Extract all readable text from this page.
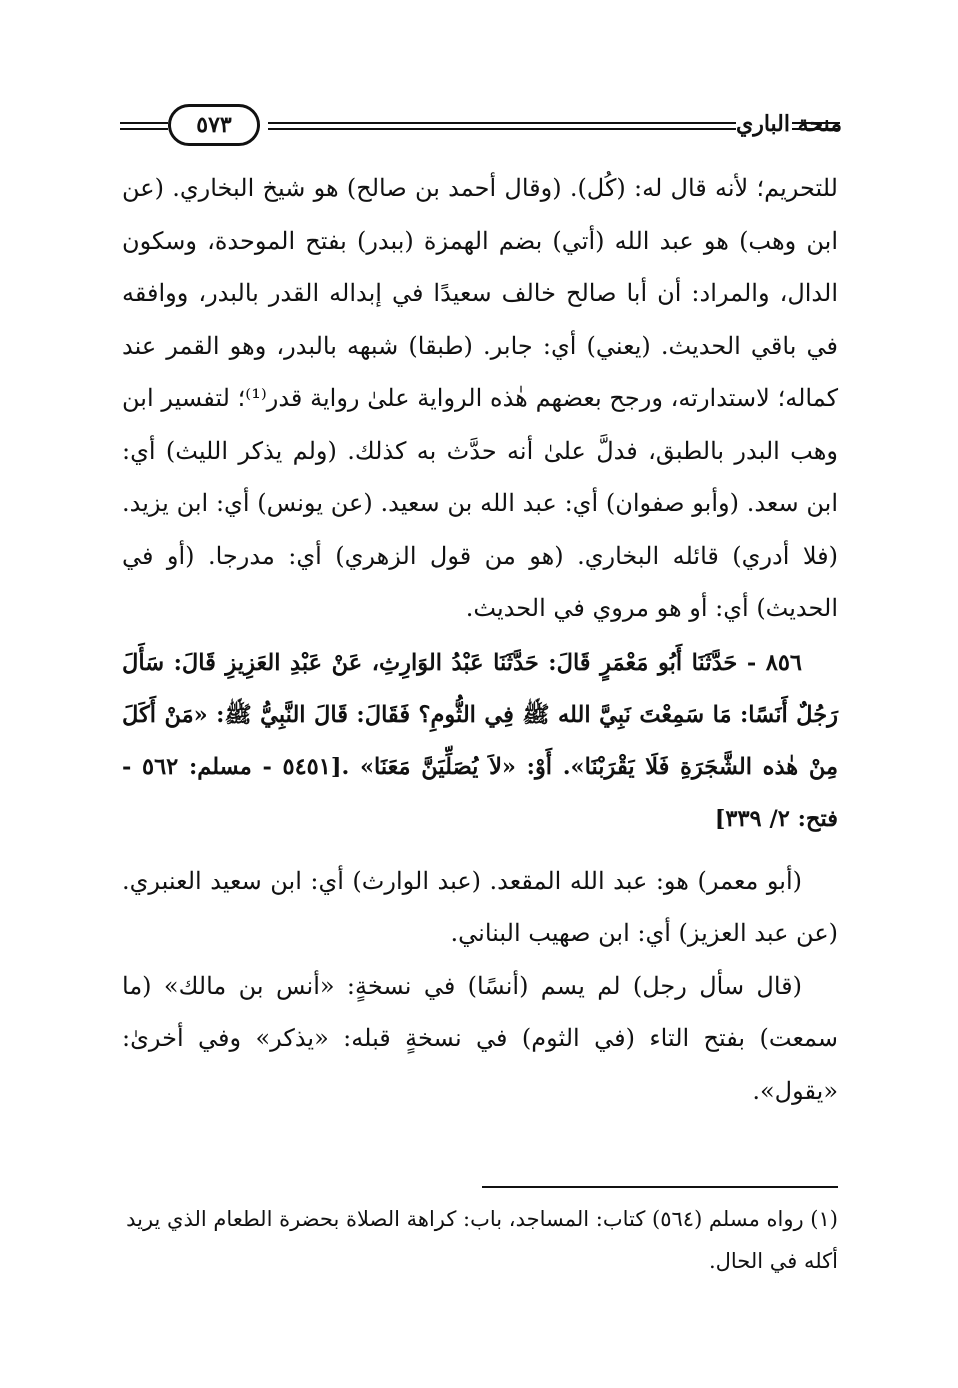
٥٧٣	منحة الباري

للتحريم؛ لأنه قال له: (كُل). (وقال أحمد بن صالح) هو شيخ البخاري. (عن ابن وهب) هو عبد الله (أتي) بضم الهمزة (ببدر) بفتح الموحدة، وسكون الدال، والمراد: أن أبا صالح خالف سعيدًا في إبداله القدر بالبدر، ووافقه في باقي الحديث. (يعني) أي: جابر. (طبقا) شبهه بالبدر، وهو القمر عند كماله؛ لاستدارته، ورجح بعضهم هٰذه الرواية علىٰ رواية قدر⁽¹⁾؛ لتفسير ابن وهب البدر بالطبق، فدلَّ علىٰ أنه حدَّث به كذلك. (ولم يذكر الليث) أي: ابن سعد. (وأبو صفوان) أي: عبد الله بن سعيد. (عن يونس) أي: ابن يزيد. (فلا أدري) قائله البخاري. (هو من قول الزهري) أي: مدرجا. (أو في الحديث) أي: أو هو مروي في الحديث.

٨٥٦ - حَدَّثَنَا أَبُو مَعْمَرٍ قَالَ: حَدَّثَنَا عَبْدُ الوَارِثِ، عَنْ عَبْدِ العَزِيزِ قَالَ: سَأَلَ رَجُلٌ أَنَسًا: مَا سَمِعْتَ نَبِيَّ الله ﷺ فِي الثُّومِ؟ فَقَالَ: قَالَ النَّبِيُّ ﷺ: «مَنْ أَكَلَ مِنْ هٰذه الشَّجَرَةِ فَلَا يَقْرَبْنَا». أَوْ: «لاَ يُصَلِّيَنَّ مَعَنَا» .[٥٤٥١ - مسلم: ٥٦٢ - فتح: ٢/ ٣٣٩]

(أبو معمر) هو: عبد الله المقعد. (عبد الوارث) أي: ابن سعيد العنبري. (عن عبد العزيز) أي: ابن صهيب البناني.

(قال سأل رجل) لم يسم (أنسًا) في نسخةٍ: «أنس بن مالك» (ما سمعت) بفتح التاء (في الثوم) في نسخةٍ قبله: «يذكر» وفي أخرىٰ: «يقول».

(١) رواه مسلم (٥٦٤) كتاب: المساجد، باب: كراهة الصلاة بحضرة الطعام الذي يريد أكله في الحال.
